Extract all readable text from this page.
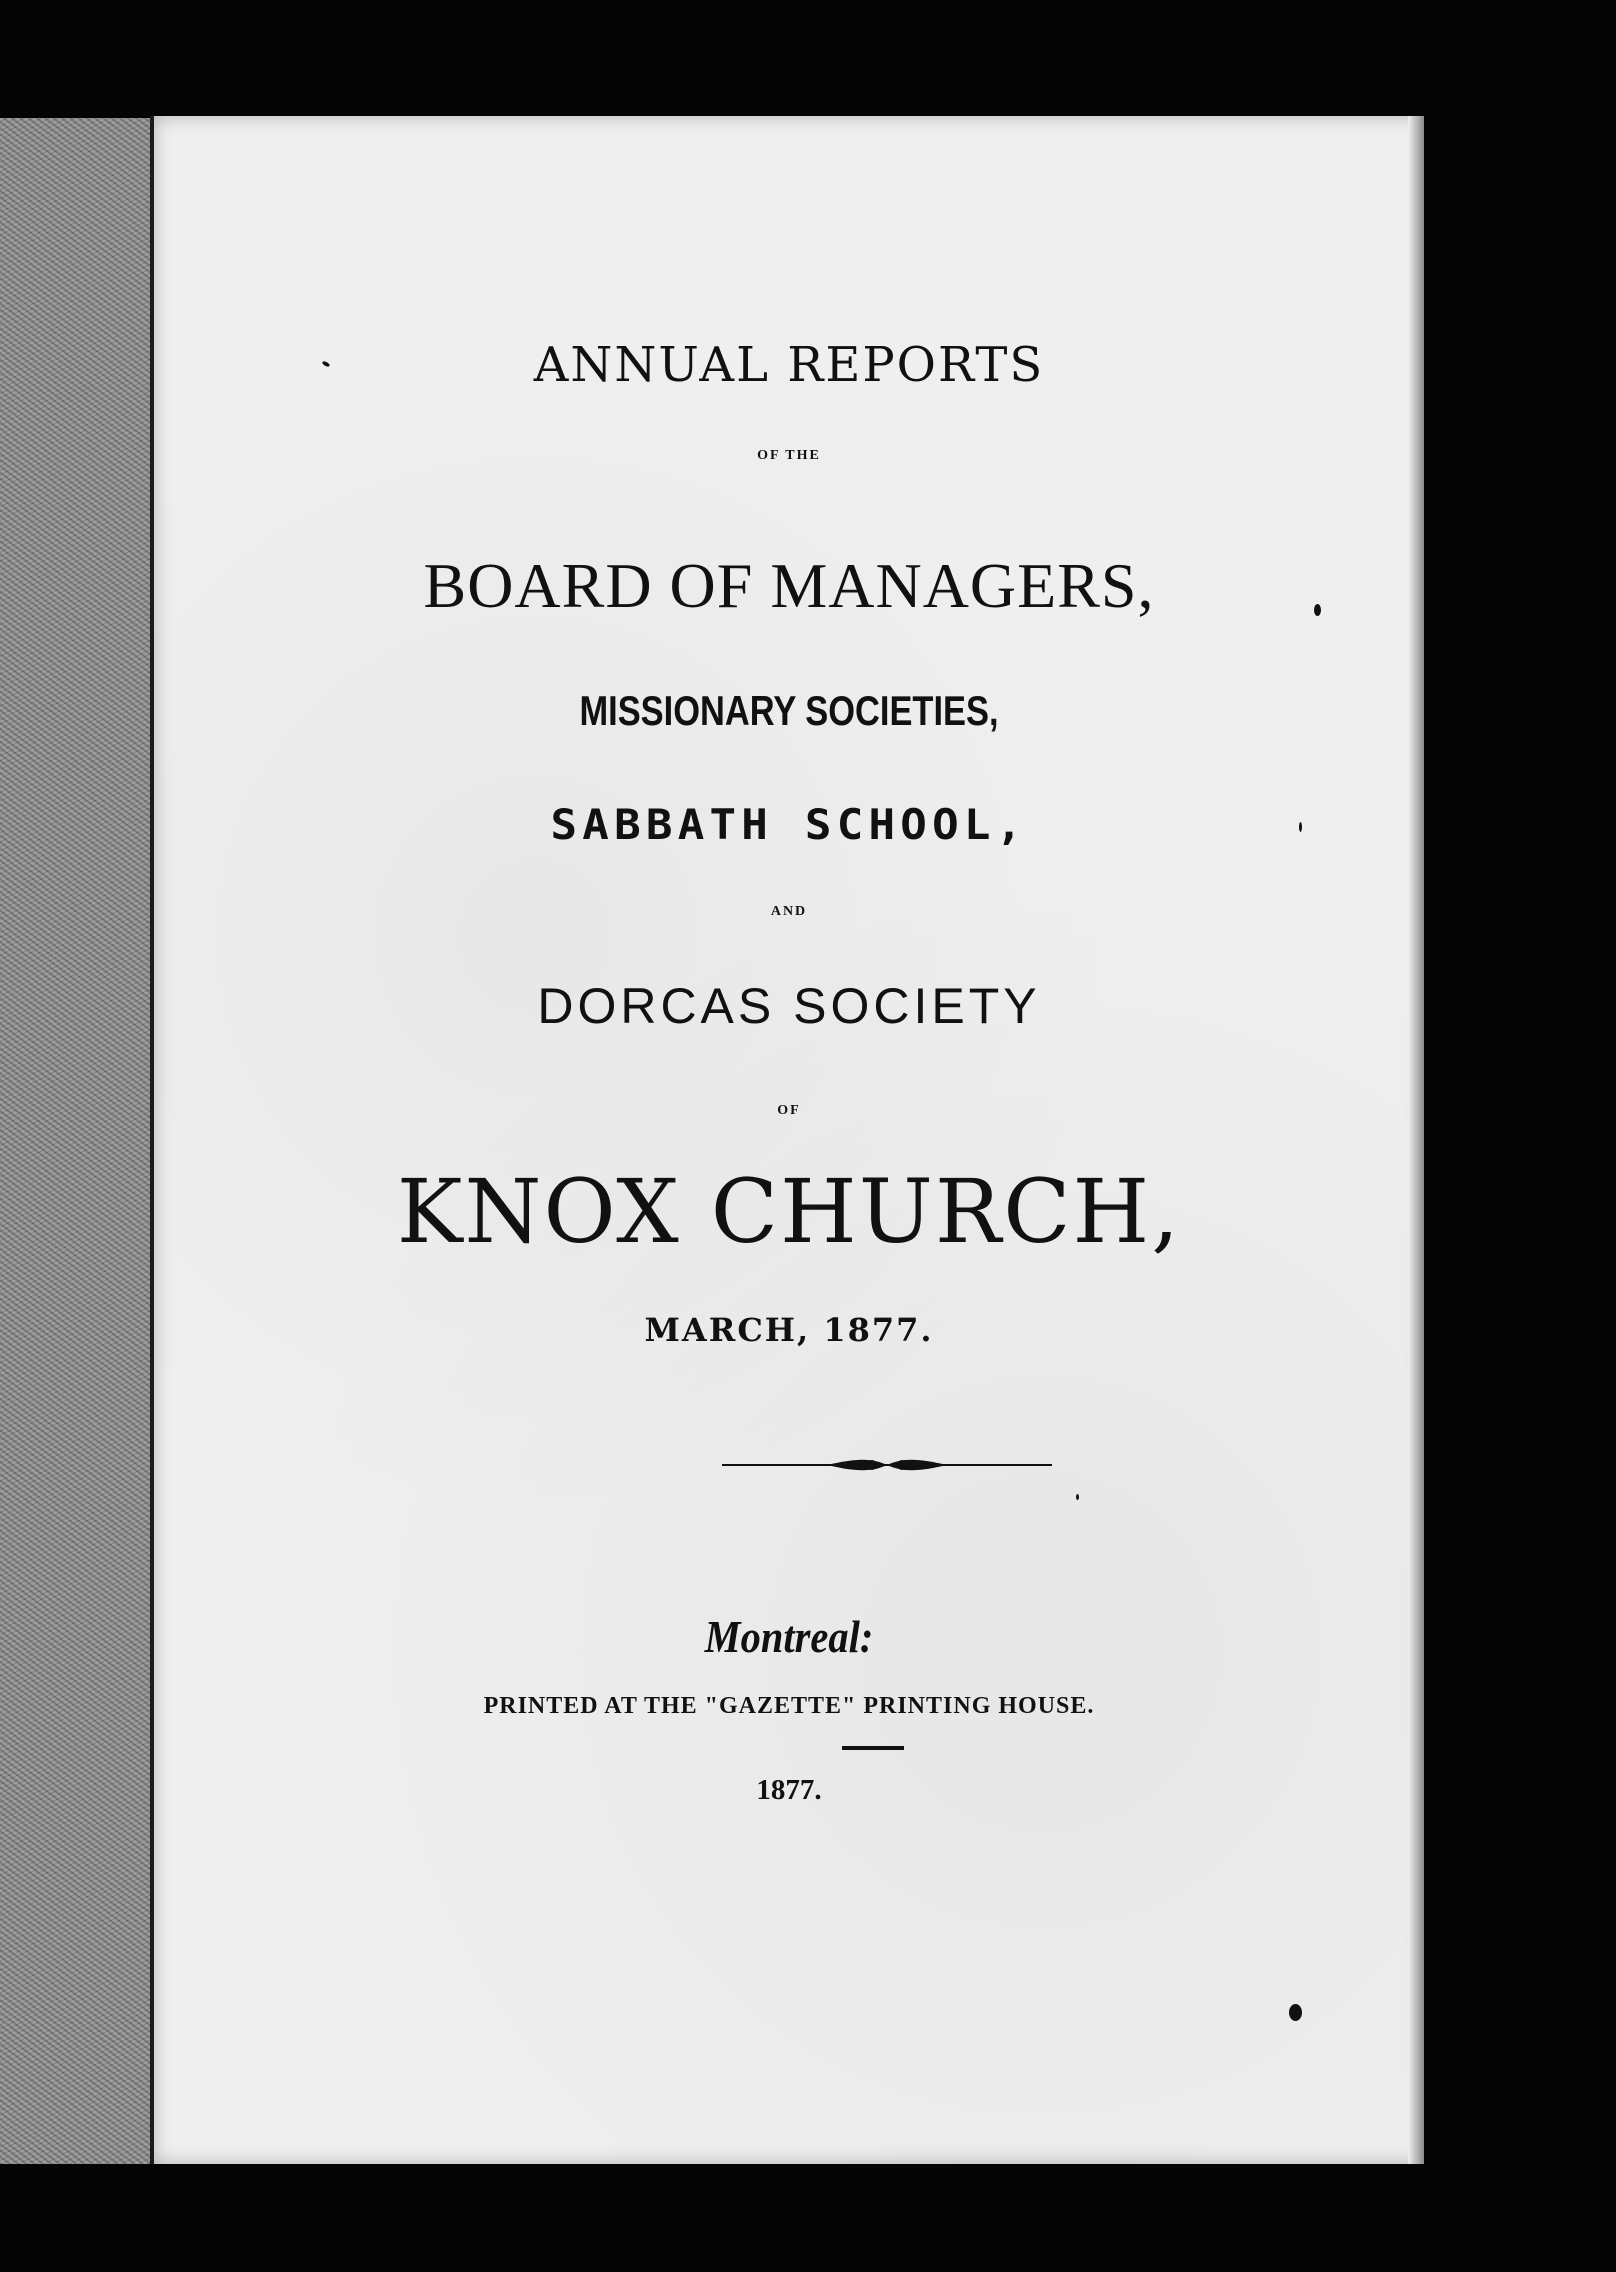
ANNUAL REPORTS

OF THE

BOARD OF MANAGERS,

MISSIONARY SOCIETIES,

SABBATH SCHOOL,

AND

DORCAS SOCIETY

OF

KNOX CHURCH,

MARCH, 1877.

Montreal:

PRINTED AT THE "GAZETTE" PRINTING HOUSE.

1877.
